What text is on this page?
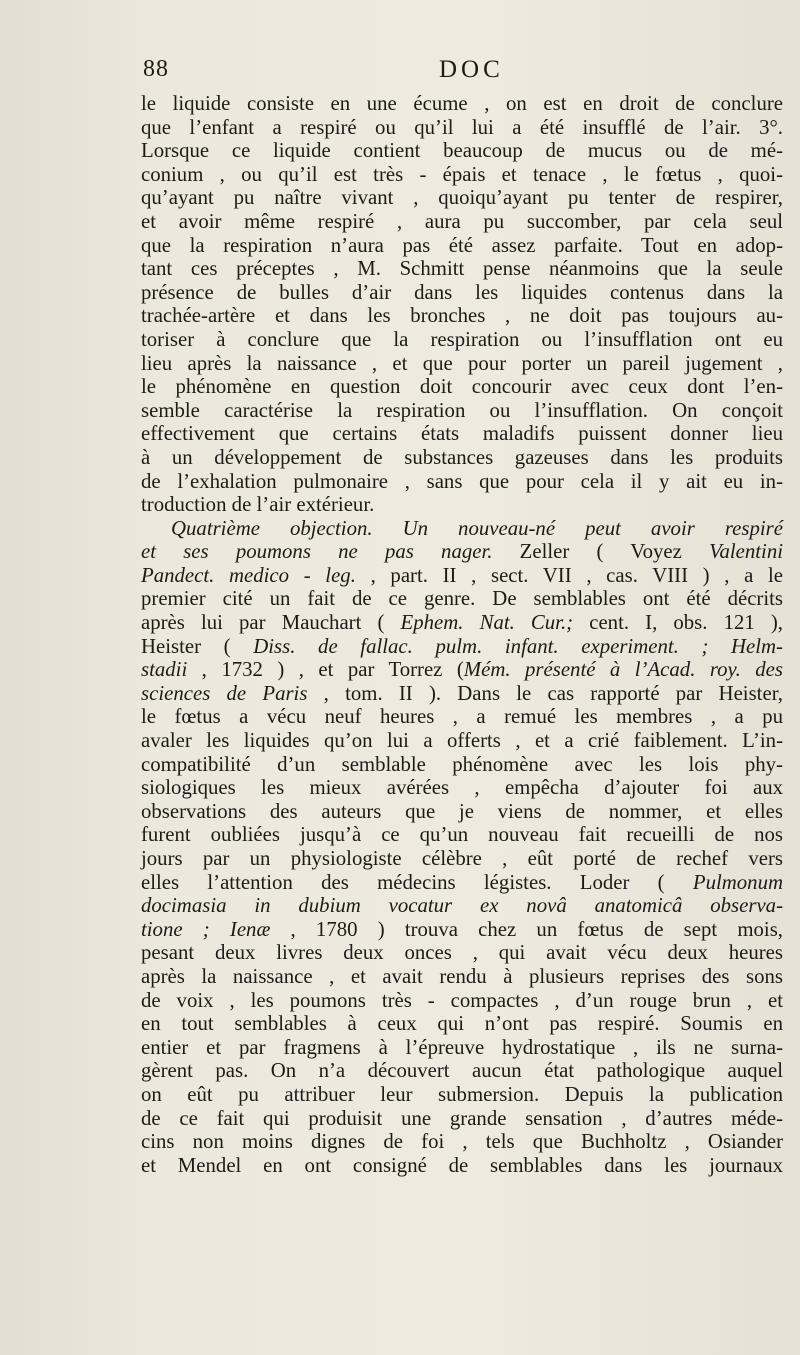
88	DOC
le liquide consiste en une écume , on est en droit de conclure
que l’enfant a respiré ou qu’il lui a été insufflé de l’air. 3°.
Lorsque ce liquide contient beaucoup de mucus ou de mé-
conium , ou qu’il est très - épais et tenace , le fœtus , quoi-
qu’ayant pu naître vivant , quoiqu’ayant pu tenter de respirer,
et avoir même respiré , aura pu succomber, par cela seul
que la respiration n’aura pas été assez parfaite. Tout en adop-
tant ces préceptes , M. Schmitt pense néanmoins que la seule
présence de bulles d’air dans les liquides contenus dans la
trachée-artère et dans les bronches , ne doit pas toujours au-
toriser à conclure que la respiration ou l’insufflation ont eu
lieu après la naissance , et que pour porter un pareil jugement ,
le phénomène en question doit concourir avec ceux dont l’en-
semble caractérise la respiration ou l’insufflation. On conçoit
effectivement que certains états maladifs puissent donner lieu
à un développement de substances gazeuses dans les produits
de l’exhalation pulmonaire , sans que pour cela il y ait eu in-
troduction de l’air extérieur.
Quatrième objection. Un nouveau-né peut avoir respiré
et ses poumons ne pas nager. Zeller ( Voyez Valentini
Pandect. medico - leg. , part. II , sect. VII , cas. VIII ) , a le
premier cité un fait de ce genre. De semblables ont été décrits
après lui par Mauchart ( Ephem. Nat. Cur.; cent. I, obs. 121 ),
Heister ( Diss. de fallac. pulm. infant. experiment. ; Helm-
stadii , 1732 ) , et par Torrez (Mém. présenté à l’Acad. roy. des
sciences de Paris , tom. II ). Dans le cas rapporté par Heister,
le fœtus a vécu neuf heures , a remué les membres , a pu
avaler les liquides qu’on lui a offerts , et a crié faiblement. L’in-
compatibilité d’un semblable phénomène avec les lois phy-
siologiques les mieux avérées , empêcha d’ajouter foi aux
observations des auteurs que je viens de nommer, et elles
furent oubliées jusqu’à ce qu’un nouveau fait recueilli de nos
jours par un physiologiste célèbre , eût porté de rechef vers
elles l’attention des médecins légistes. Loder ( Pulmonum
docimasia in dubium vocatur ex novâ anatomicâ observa-
tione ; Ienæ , 1780 ) trouva chez un fœtus de sept mois,
pesant deux livres deux onces , qui avait vécu deux heures
après la naissance , et avait rendu à plusieurs reprises des sons
de voix , les poumons très - compactes , d’un rouge brun , et
en tout semblables à ceux qui n’ont pas respiré. Soumis en
entier et par fragmens à l’épreuve hydrostatique , ils ne surna-
gèrent pas. On n’a découvert aucun état pathologique auquel
on eût pu attribuer leur submersion. Depuis la publication
de ce fait qui produisit une grande sensation , d’autres méde-
cins non moins dignes de foi , tels que Buchholtz , Osiander
et Mendel en ont consigné de semblables dans les journaux
